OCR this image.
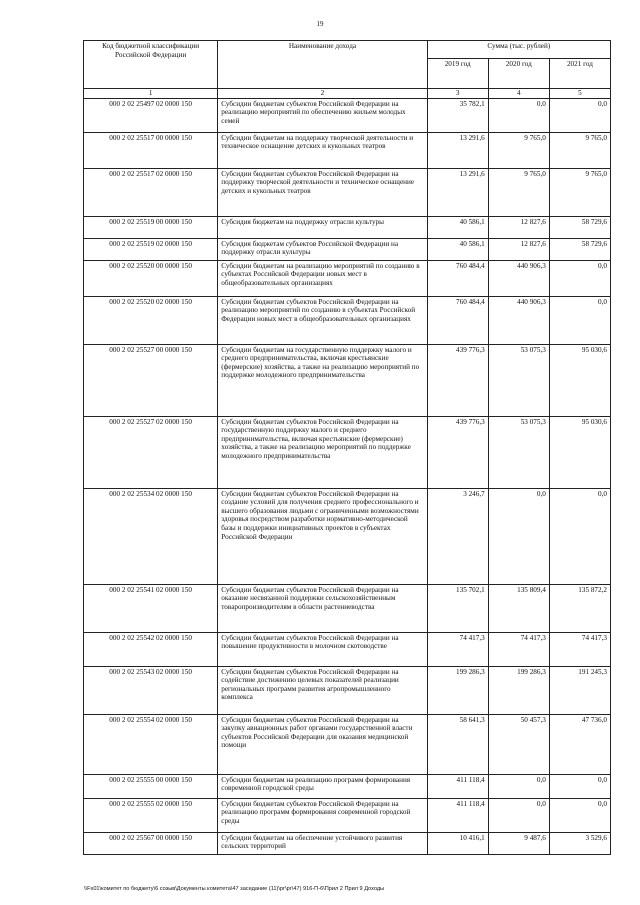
19
Код бюджетной классификации Российской Федерации	Наименование дохода	Сумма (тыс. рублей)		
		2019 год	2020 год	2021 год
1	2	3	4	5
000 2 02 25497 02 0000 150	Субсидии бюджетам субъектов Российской Федерации на реализацию мероприятий по обеспечению жильем молодых семей	35 782,1	0,0	0,0
000 2 02 25517 00 0000 150	Субсидии бюджетам на поддержку творческой деятельности и техническое оснащение детских и кукольных театров	13 291,6	9 765,0	9 765,0
000 2 02 25517 02 0000 150	Субсидии бюджетам субъектов Российской Федерации на поддержку творческой деятельности и техническое оснащение детских и кукольных театров	13 291,6	9 765,0	9 765,0
000 2 02 25519 00 0000 150	Субсидия бюджетам на поддержку отрасли культуры	40 586,1	12 827,6	58 729,6
000 2 02 25519 02 0000 150	Субсидия бюджетам субъектов Российской Федерации на поддержку отрасли культуры	40 586,1	12 827,6	58 729,6
000 2 02 25520 00 0000 150	Субсидии бюджетам на реализацию мероприятий по созданию в субъектах Российской Федерации новых мест в общеобразовательных организациях	760 484,4	440 906,3	0,0
000 2 02 25520 02 0000 150	Субсидии бюджетам субъектов Российской Федерации на реализацию мероприятий по созданию в субъектах Российской Федерации новых мест в общеобразовательных организациях	760 484,4	440 906,3	0,0
000 2 02 25527 00 0000 150	Субсидии бюджетам на государственную поддержку малого и среднего предпринимательства, включая крестьянские (фермерские) хозяйства, а также на реализацию мероприятий по поддержке молодежного предпринимательства	439 776,3	53 075,3	95 030,6
000 2 02 25527 02 0000 150	Субсидии бюджетам субъектов Российской Федерации на государственную поддержку малого и среднего предпринимательства, включая крестьянские (фермерские) хозяйства, а также на реализацию мероприятий по поддержке молодежного предпринимательства	439 776,3	53 075,3	95 030,6
000 2 02 25534 02 0000 150	Субсидии бюджетам субъектов Российской Федерации на создание условий для получения среднего профессионального и высшего образования людьми с ограниченными возможностями здоровья посредством разработки нормативно-методической базы и поддержки инициативных проектов в субъектах Российской Федерации	3 246,7	0,0	0,0
000 2 02 25541 02 0000 150	Субсидии бюджетам субъектов Российской Федерации на оказание несвязанной поддержки сельскохозяйственным товаропроизводителям в области растениеводства	135 702,1	135 809,4	135 872,2
000 2 02 25542 02 0000 150	Субсидии бюджетам субъектов Российской Федерации на повышение продуктивности в молочном скотоводстве	74 417,3	74 417,3	74 417,3
000 2 02 25543 02 0000 150	Субсидии бюджетам субъектов Российской Федерации на содействие достижению целевых показателей реализации региональных программ развития агропромышленного комплекса	199 286,3	199 286,3	191 245,3
000 2 02 25554 02 0000 150	Субсидии бюджетам субъектов Российской Федерации на закупку авиационных работ органами государственной власти субъектов Российской Федерации для оказания медицинской помощи	58 641,3	50 457,3	47 736,0
000 2 02 25555 00 0000 150	Субсидии бюджетам на реализацию программ формирования современной городской среды	411 118,4	0,0	0,0
000 2 02 25555 02 0000 150	Субсидии бюджетам субъектов Российской Федерации на реализацию программ формирования современной городской среды	411 118,4	0,0	0,0
000 2 02 25567 00 0000 150	Субсидии бюджетам на обеспечение устойчивого развития сельских территорий	10 416,1	9 487,6	3 529,6
\\Fs01\комитет по бюджету\6 созыв\Документы комитета\47 заседание (11)\рг\рг\47) 916-П-6\Прил 2 Прил 9 Доходы
